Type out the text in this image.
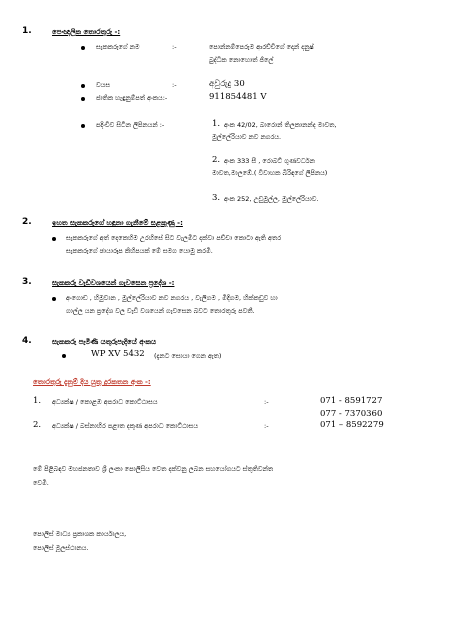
1.	පෙංඥලික තොරතුරු -:
සැකකරුගේ නම	:-	පොන්නම්පෙරුම ආරච්චිගේ දොන් දනුෂ්
බුද්ධික නොහොත් ජිලේ
වයස	:-	අවුරුදු 30
ජාතික හැඳුනුම්පත් අංකය:-	911854481 V
පදිංචිව සිටින ලිපිනයන් :-	1. අංක 42/02, බාරොන් තිලකානන්ද මාවත,
මුල්ලේරියාව නව නගරය.
2. අංක 333 සී , රොබට් ගුණවර්ධන
මාවත,මාලඹේ.( විවාහක බිරිඳගේ ලිපිනය)
3. අංක 252, උඩුමුල්ල, මුල්ලේරියාව.
2.	ඉහත සැකකරුගේ හඳුනා ගැනීමේ සළකුණු -:
සැකකරුගේ අත් දෙකෙහිම උරහිසේ සිට වැලමිට දක්වා පච්චා කොටා ඇති අතර
සැකකරුගේ ඡායාරූප කිහිපයක් මේ සමග යොමු කරමි.
3.	සැකකරු වැඩිවශයෙන් ගැවසෙන ප්‍රදේශ -:
අංගොඩ , හිමුවාන , මුල්ලේරියාව නව නගරය , වැලිගම , මිදිගම, හික්කඩුව හා
ගාල්ල යන ප්‍රදේශ වල වැඩි වශයෙන් ගැවසෙන බවට තොරතුරු පවතී.
4.	සැකකරු පැමිණි යතුරුපැදියේ අංකය
WP XV 5432 (දැනට සොයා ගෙන ඇත)
තොරතුරු දැනුම් දිය යුතු දුරකතන අංක -:
1. අධ්‍යක්ෂ / කොළඹ අපරාධ කොට්ඨාසය	:-	071 - 8591727
077 - 7370360
2. අධ්‍යක්ෂ / බස්නාහිර පළාත දකුණ අපරාධ කොට්ඨාසය	:-	071 – 8592279
මේ පිළිබඳව මහජනතාව ශ්‍රී ලංකා පොලිසිය වෙත දක්වනු ලබන සහයෝගයට ස්තුතිවන්ත
වෙමි.
පොලිස් මාධ්‍ය ප්‍රකාශක කාර්යාලය,
පොලිස් මූලස්ථානය.
